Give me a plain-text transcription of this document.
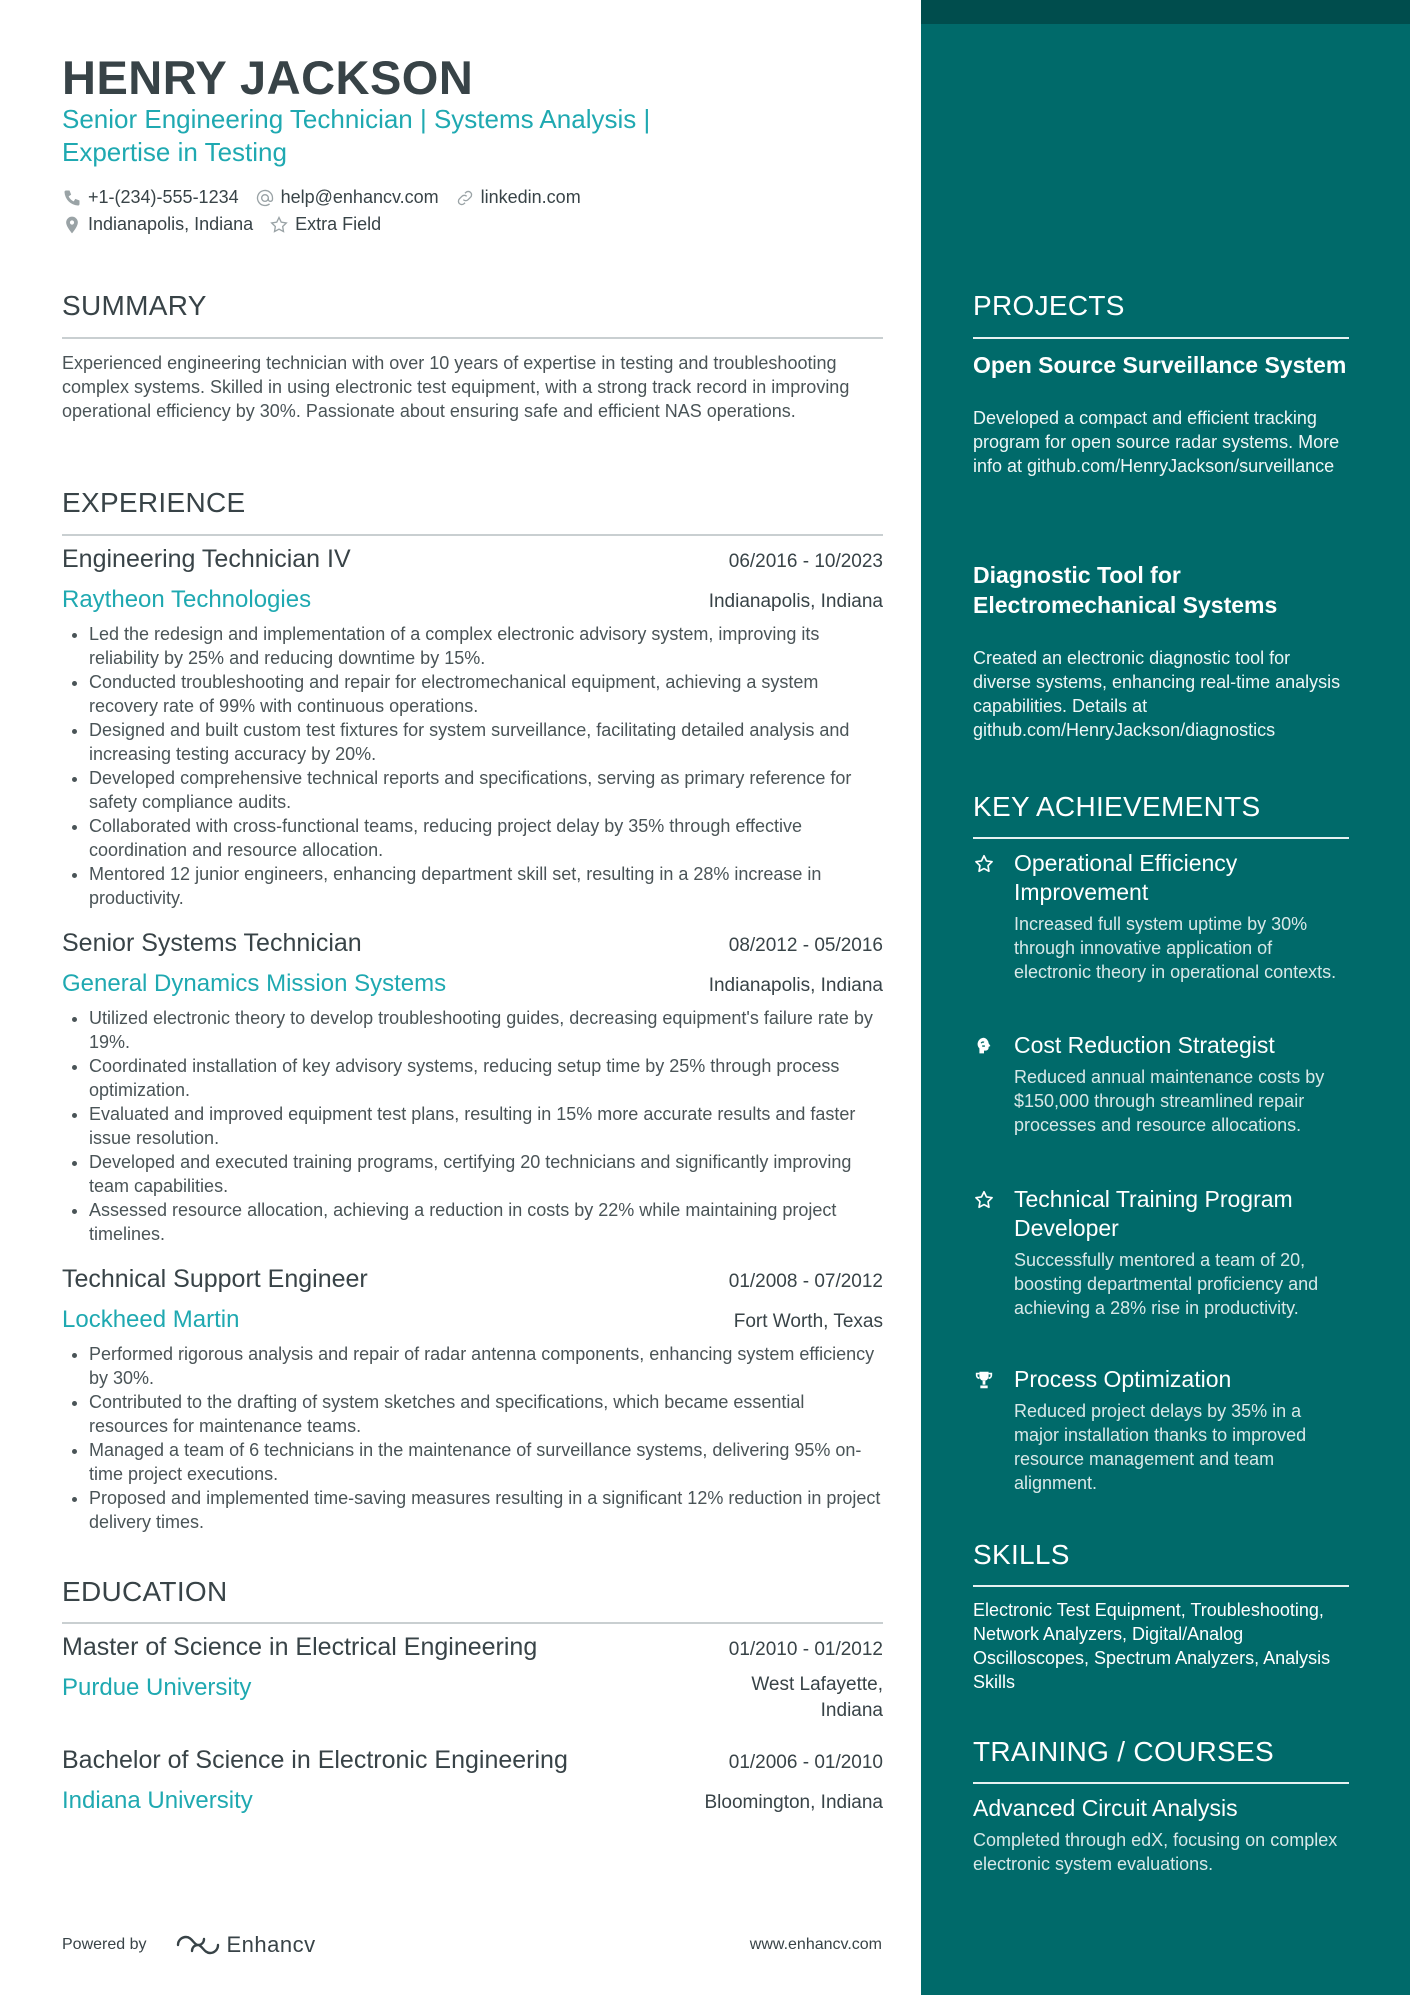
HENRY JACKSON
Senior Engineering Technician | Systems Analysis | Expertise in Testing
+1-(234)-555-1234 help@enhancv.com linkedin.com
Indianapolis, Indiana Extra Field
SUMMARY
Experienced engineering technician with over 10 years of expertise in testing and troubleshooting complex systems. Skilled in using electronic test equipment, with a strong track record in improving operational efficiency by 30%. Passionate about ensuring safe and efficient NAS operations.
EXPERIENCE
Engineering Technician IV	06/2016 - 10/2023
Raytheon Technologies	Indianapolis, Indiana
• Led the redesign and implementation of a complex electronic advisory system, improving its reliability by 25% and reducing downtime by 15%.
• Conducted troubleshooting and repair for electromechanical equipment, achieving a system recovery rate of 99% with continuous operations.
• Designed and built custom test fixtures for system surveillance, facilitating detailed analysis and increasing testing accuracy by 20%.
• Developed comprehensive technical reports and specifications, serving as primary reference for safety compliance audits.
• Collaborated with cross-functional teams, reducing project delay by 35% through effective coordination and resource allocation.
• Mentored 12 junior engineers, enhancing department skill set, resulting in a 28% increase in productivity.
Senior Systems Technician	08/2012 - 05/2016
General Dynamics Mission Systems	Indianapolis, Indiana
• Utilized electronic theory to develop troubleshooting guides, decreasing equipment's failure rate by 19%.
• Coordinated installation of key advisory systems, reducing setup time by 25% through process optimization.
• Evaluated and improved equipment test plans, resulting in 15% more accurate results and faster issue resolution.
• Developed and executed training programs, certifying 20 technicians and significantly improving team capabilities.
• Assessed resource allocation, achieving a reduction in costs by 22% while maintaining project timelines.
Technical Support Engineer	01/2008 - 07/2012
Lockheed Martin	Fort Worth, Texas
• Performed rigorous analysis and repair of radar antenna components, enhancing system efficiency by 30%.
• Contributed to the drafting of system sketches and specifications, which became essential resources for maintenance teams.
• Managed a team of 6 technicians in the maintenance of surveillance systems, delivering 95% on-time project executions.
• Proposed and implemented time-saving measures resulting in a significant 12% reduction in project delivery times.
EDUCATION
Master of Science in Electrical Engineering	01/2010 - 01/2012
Purdue University	West Lafayette, Indiana
Bachelor of Science in Electronic Engineering	01/2006 - 01/2010
Indiana University	Bloomington, Indiana
Powered by	Enhancv	www.enhancv.com
PROJECTS
Open Source Surveillance System
Developed a compact and efficient tracking program for open source radar systems. More info at github.com/HenryJackson/surveillance
Diagnostic Tool for Electromechanical Systems
Created an electronic diagnostic tool for diverse systems, enhancing real-time analysis capabilities. Details at github.com/HenryJackson/diagnostics
KEY ACHIEVEMENTS
Operational Efficiency Improvement
Increased full system uptime by 30% through innovative application of electronic theory in operational contexts.
Cost Reduction Strategist
Reduced annual maintenance costs by $150,000 through streamlined repair processes and resource allocations.
Technical Training Program Developer
Successfully mentored a team of 20, boosting departmental proficiency and achieving a 28% rise in productivity.
Process Optimization
Reduced project delays by 35% in a major installation thanks to improved resource management and team alignment.
SKILLS
Electronic Test Equipment, Troubleshooting, Network Analyzers, Digital/Analog Oscilloscopes, Spectrum Analyzers, Analysis Skills
TRAINING / COURSES
Advanced Circuit Analysis
Completed through edX, focusing on complex electronic system evaluations.
